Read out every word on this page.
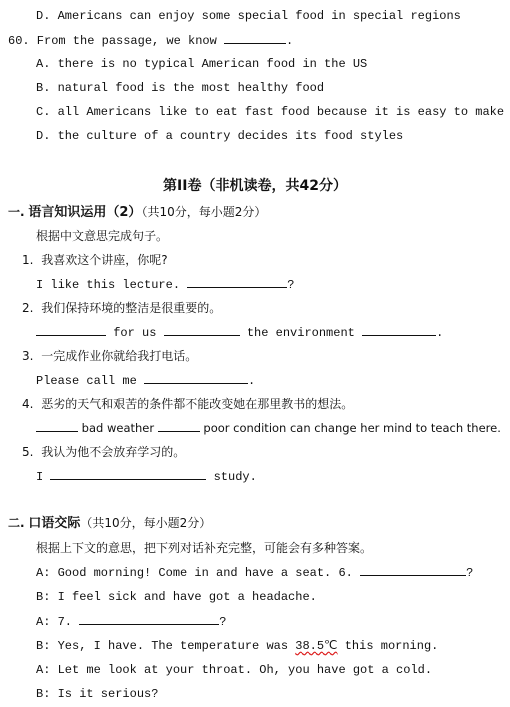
D. Americans can enjoy some special food in special regions
60. From the passage, we know	.
A. there is no typical American food in the US
B. natural food is the most healthy food
C. all Americans like to eat fast food because it is easy to make
D. the culture of a country decides its food styles
第II卷（非机读卷，共42分）
一. 语言知识运用（2）（共10分，每小题2分）
根据中文意思完成句子。
1. 我喜欢这个讲座，你呢?
I like this lecture.	?
2. 我们保持环境的整洁是很重要的。
for us	the environment	.
3. 一完成作业你就给我打电话。
Please call me	.
4. 恶劣的天气和艰苦的条件都不能改变她在那里教书的想法。
bad weather	poor condition can change her mind to teach there.
5. 我认为他不会放弃学习的。
I	study.
二. 口语交际（共10分，每小题2分）
根据上下文的意思，把下列对话补充完整，可能会有多种答案。
A: Good morning! Come in and have a seat. 6.	?
B: I feel sick and have got a headache.
A: 7.	?
B: Yes, I have. The temperature was 38.5℃ this morning.
A: Let me look at your throat. Oh, you have got a cold.
B: Is it serious?
